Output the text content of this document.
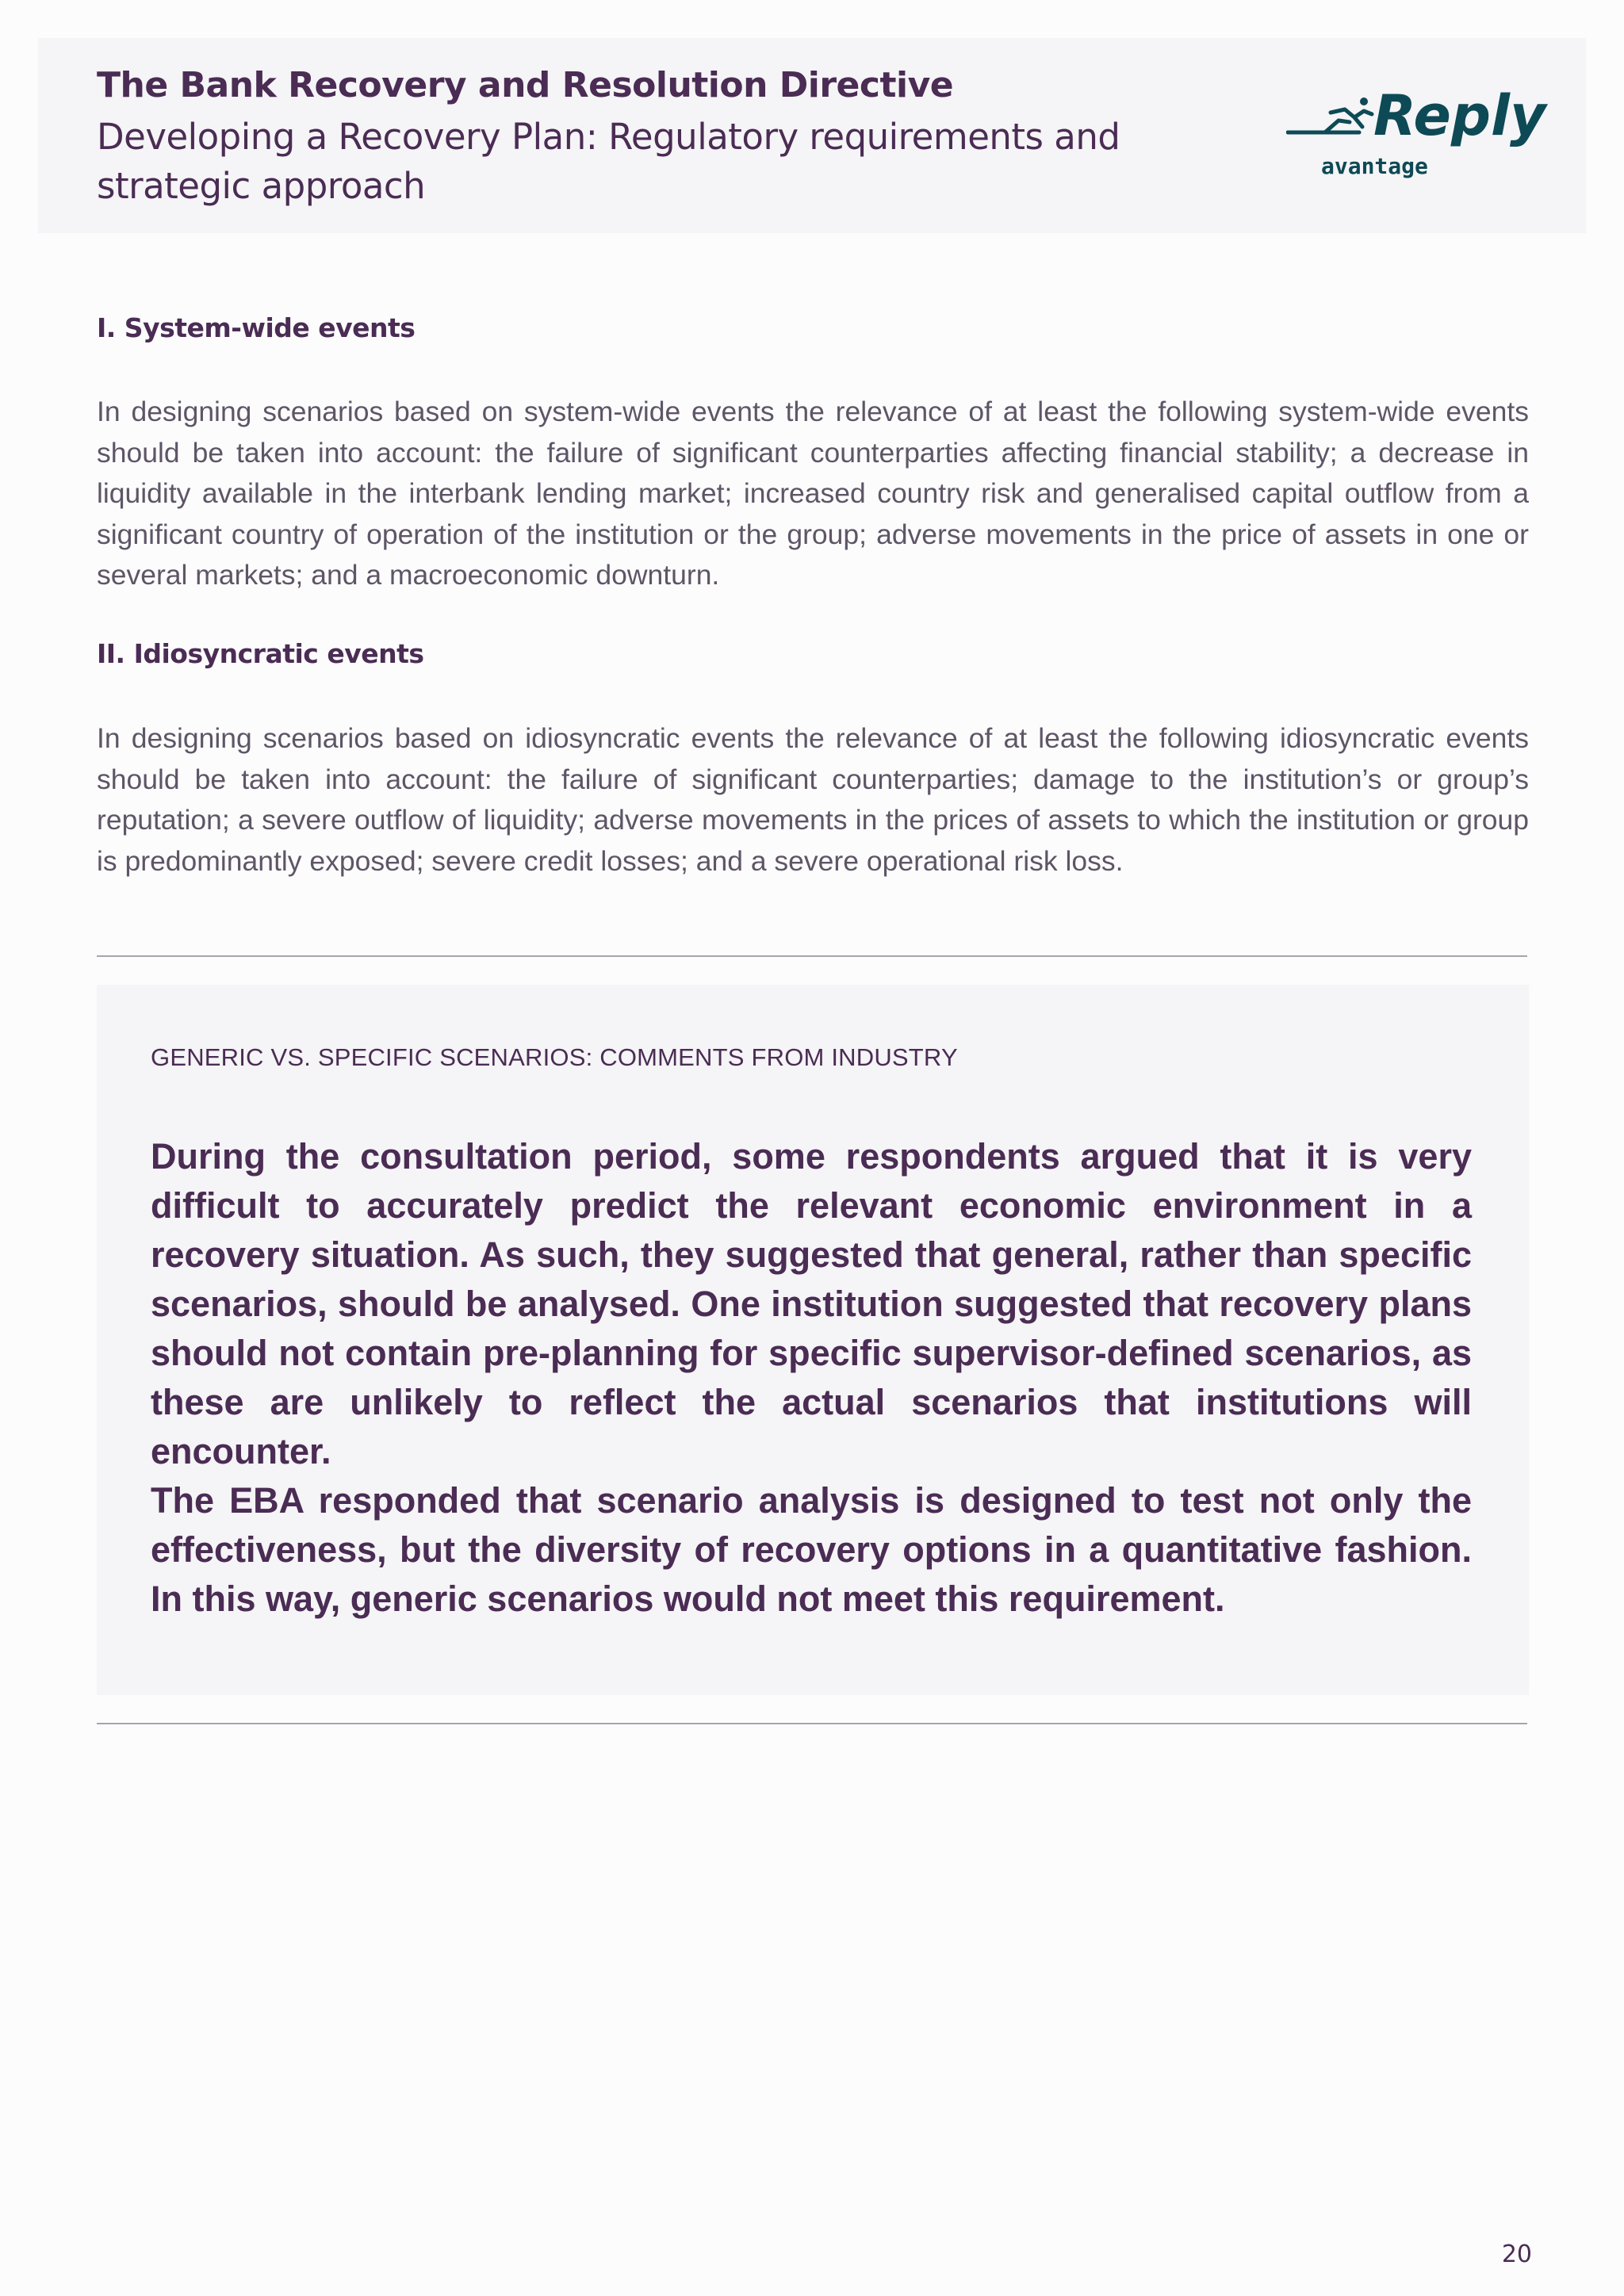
The Bank Recovery and Resolution Directive
Developing a Recovery Plan: Regulatory requirements and strategic approach
Reply
avantage
I. System-wide events

In designing scenarios based on system-wide events the relevance of at least the following system-wide events should be taken into account: the failure of significant counterparties affecting financial stability; a decrease in liquidity available in the interbank lending market; increased country risk and generalised capital outflow from a significant country of operation of the institution or the group; adverse movements in the price of assets in one or several markets; and a macroeconomic downturn.

II. Idiosyncratic events

In designing scenarios based on idiosyncratic events the relevance of at least the following idiosyncratic events should be taken into account: the failure of significant counterparties; damage to the institution’s or group’s reputation; a severe outflow of liquidity; adverse movements in the prices of assets to which the institution or group is predominantly exposed; severe credit losses; and a severe operational risk loss.

GENERIC VS. SPECIFIC SCENARIOS: COMMENTS FROM INDUSTRY

During the consultation period, some respondents argued that it is very difficult to accurately predict the relevant economic environment in a recovery situation. As such, they suggested that general, rather than specific scenarios, should be analysed. One institution suggested that recovery plans should not contain pre-planning for specific supervisor-defined scenarios, as these are unlikely to reflect the actual scenarios that institutions will encounter.

The EBA responded that scenario analysis is designed to test not only the effectiveness, but the diversity of recovery options in a quantitative fashion. In this way, generic scenarios would not meet this requirement.

20
